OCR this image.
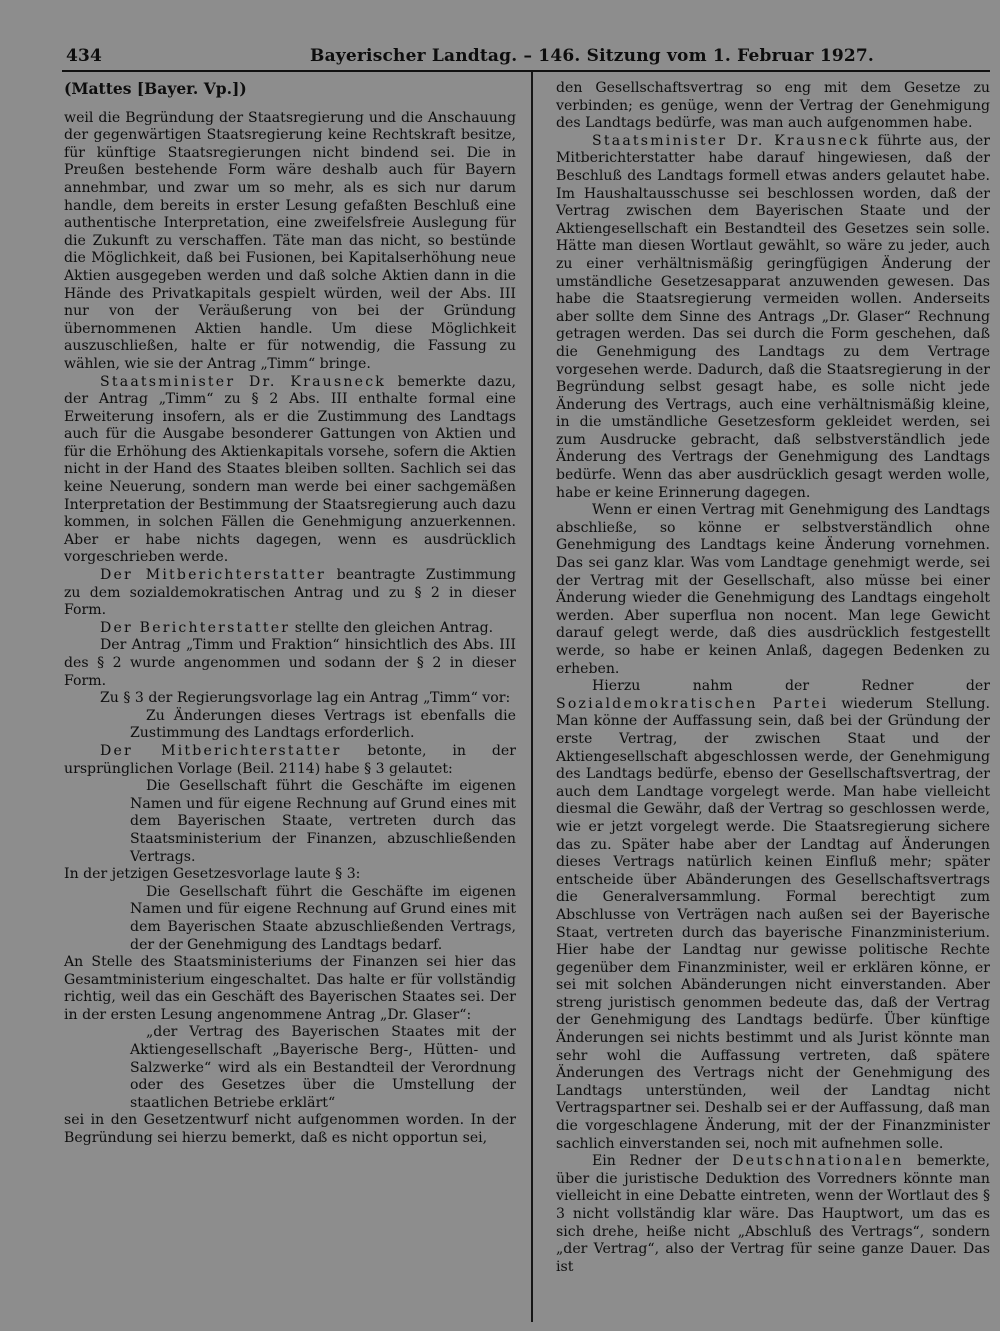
434	Bayerischer Landtag. – 146. Sitzung vom 1. Februar 1927.

(Mattes [Bayer. Vp.])

weil die Begründung der Staatsregierung und die Anschauung der gegenwärtigen Staatsregierung keine Rechtskraft besitze, für künftige Staatsregierungen nicht bindend sei. Die in Preußen bestehende Form wäre deshalb auch für Bayern annehmbar, und zwar um so mehr, als es sich nur darum handle, dem bereits in erster Lesung gefaßten Beschluß eine authentische Interpretation, eine zweifelsfreie Auslegung für die Zukunft zu verschaffen. Täte man das nicht, so bestünde die Möglichkeit, daß bei Fusionen, bei Kapitalserhöhung neue Aktien ausgegeben werden und daß solche Aktien dann in die Hände des Privatkapitals gespielt würden, weil der Abs. III nur von der Veräußerung von bei der Gründung übernommenen Aktien handle. Um diese Möglichkeit auszuschließen, halte er für notwendig, die Fassung zu wählen, wie sie der Antrag „Timm“ bringe.

Staatsminister Dr. Krausneck bemerkte dazu, der Antrag „Timm“ zu § 2 Abs. III enthalte formal eine Erweiterung insofern, als er die Zustimmung des Landtags auch für die Ausgabe besonderer Gattungen von Aktien und für die Erhöhung des Aktienkapitals vorsehe, sofern die Aktien nicht in der Hand des Staates bleiben sollten. Sachlich sei das keine Neuerung, sondern man werde bei einer sachgemäßen Interpretation der Bestimmung der Staatsregierung auch dazu kommen, in solchen Fällen die Genehmigung anzuerkennen. Aber er habe nichts dagegen, wenn es ausdrücklich vorgeschrieben werde.

Der Mitberichterstatter beantragte Zustimmung zu dem sozialdemokratischen Antrag und zu § 2 in dieser Form.

Der Berichterstatter stellte den gleichen Antrag.

Der Antrag „Timm und Fraktion“ hinsichtlich des Abs. III des § 2 wurde angenommen und sodann der § 2 in dieser Form.

Zu § 3 der Regierungsvorlage lag ein Antrag „Timm“ vor:

Zu Änderungen dieses Vertrags ist ebenfalls die Zustimmung des Landtags erforderlich.

Der Mitberichterstatter betonte, in der ursprünglichen Vorlage (Beil. 2114) habe § 3 gelautet:

Die Gesellschaft führt die Geschäfte im eigenen Namen und für eigene Rechnung auf Grund eines mit dem Bayerischen Staate, vertreten durch das Staatsministerium der Finanzen, abzuschließenden Vertrags.

In der jetzigen Gesetzesvorlage laute § 3:

Die Gesellschaft führt die Geschäfte im eigenen Namen und für eigene Rechnung auf Grund eines mit dem Bayerischen Staate abzuschließenden Vertrags, der der Genehmigung des Landtags bedarf.

An Stelle des Staatsministeriums der Finanzen sei hier das Gesamtministerium eingeschaltet. Das halte er für vollständig richtig, weil das ein Geschäft des Bayerischen Staates sei. Der in der ersten Lesung angenommene Antrag „Dr. Glaser“:

„der Vertrag des Bayerischen Staates mit der Aktiengesellschaft „Bayerische Berg-, Hütten- und Salzwerke“ wird als ein Bestandteil der Verordnung oder des Gesetzes über die Umstellung der staatlichen Betriebe erklärt“

sei in den Gesetzentwurf nicht aufgenommen worden. In der Begründung sei hierzu bemerkt, daß es nicht opportun sei,

den Gesellschaftsvertrag so eng mit dem Gesetze zu verbinden; es genüge, wenn der Vertrag der Genehmigung des Landtags bedürfe, was man auch aufgenommen habe.

Staatsminister Dr. Krausneck führte aus, der Mitberichterstatter habe darauf hingewiesen, daß der Beschluß des Landtags formell etwas anders gelautet habe. Im Haushaltausschusse sei beschlossen worden, daß der Vertrag zwischen dem Bayerischen Staate und der Aktiengesellschaft ein Bestandteil des Gesetzes sein solle. Hätte man diesen Wortlaut gewählt, so wäre zu jeder, auch zu einer verhältnismäßig geringfügigen Änderung der umständliche Gesetzesapparat anzuwenden gewesen. Das habe die Staatsregierung vermeiden wollen. Anderseits aber sollte dem Sinne des Antrags „Dr. Glaser“ Rechnung getragen werden. Das sei durch die Form geschehen, daß die Genehmigung des Landtags zu dem Vertrage vorgesehen werde. Dadurch, daß die Staatsregierung in der Begründung selbst gesagt habe, es solle nicht jede Änderung des Vertrags, auch eine verhältnismäßig kleine, in die umständliche Gesetzesform gekleidet werden, sei zum Ausdrucke gebracht, daß selbstverständlich jede Änderung des Vertrags der Genehmigung des Landtags bedürfe. Wenn das aber ausdrücklich gesagt werden wolle, habe er keine Erinnerung dagegen.

Wenn er einen Vertrag mit Genehmigung des Landtags abschließe, so könne er selbstverständlich ohne Genehmigung des Landtags keine Änderung vornehmen. Das sei ganz klar. Was vom Landtage genehmigt werde, sei der Vertrag mit der Gesellschaft, also müsse bei einer Änderung wieder die Genehmigung des Landtags eingeholt werden. Aber superflua non nocent. Man lege Gewicht darauf gelegt werde, daß dies ausdrücklich festgestellt werde, so habe er keinen Anlaß, dagegen Bedenken zu erheben.

Hierzu nahm der Redner der Sozialdemokratischen Partei wiederum Stellung. Man könne der Auffassung sein, daß bei der Gründung der erste Vertrag, der zwischen Staat und der Aktiengesellschaft abgeschlossen werde, der Genehmigung des Landtags bedürfe, ebenso der Gesellschaftsvertrag, der auch dem Landtage vorgelegt werde. Man habe vielleicht diesmal die Gewähr, daß der Vertrag so geschlossen werde, wie er jetzt vorgelegt werde. Die Staatsregierung sichere das zu. Später habe aber der Landtag auf Änderungen dieses Vertrags natürlich keinen Einfluß mehr; später entscheide über Abänderungen des Gesellschaftsvertrags die Generalversammlung. Formal berechtigt zum Abschlusse von Verträgen nach außen sei der Bayerische Staat, vertreten durch das bayerische Finanzministerium. Hier habe der Landtag nur gewisse politische Rechte gegenüber dem Finanzminister, weil er erklären könne, er sei mit solchen Abänderungen nicht einverstanden. Aber streng juristisch genommen bedeute das, daß der Vertrag der Genehmigung des Landtags bedürfe. Über künftige Änderungen sei nichts bestimmt und als Jurist könnte man sehr wohl die Auffassung vertreten, daß spätere Änderungen des Vertrags nicht der Genehmigung des Landtags unterstünden, weil der Landtag nicht Vertragspartner sei. Deshalb sei er der Auffassung, daß man die vorgeschlagene Änderung, mit der der Finanzminister sachlich einverstanden sei, noch mit aufnehmen solle.

Ein Redner der Deutschnationalen bemerkte, über die juristische Deduktion des Vorredners könnte man vielleicht in eine Debatte eintreten, wenn der Wortlaut des § 3 nicht vollständig klar wäre. Das Hauptwort, um das es sich drehe, heiße nicht „Abschluß des Vertrags“, sondern „der Vertrag“, also der Vertrag für seine ganze Dauer. Das ist
